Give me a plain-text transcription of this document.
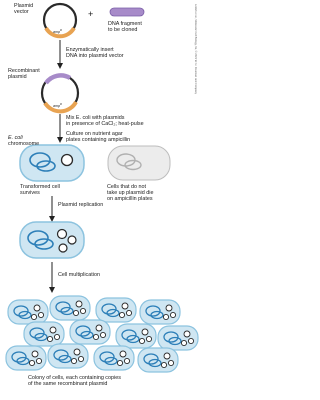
Plasmid
vector	+
DNA fragment
to be cloned
amp$^R$
Enzymatically insert
DNA into plasmid vector
Recombinant
plasmid
amp$^R$
Mix E. coli with plasmids
in presence of CaCl₂; heat-pulse
Culture on nutrient agar
plates containing ampicillin
E. coli
chromosome
Transformed cell
survives
Cells that do not
take up plasmid die
on ampicillin plates
Plasmid replication
Cell multiplication
Colony of cells, each containing copies
of the same recombinant plasmid
Lodish et al., Molecular Cell Biology, 9e, © 2021 W. H. Freeman and Company
